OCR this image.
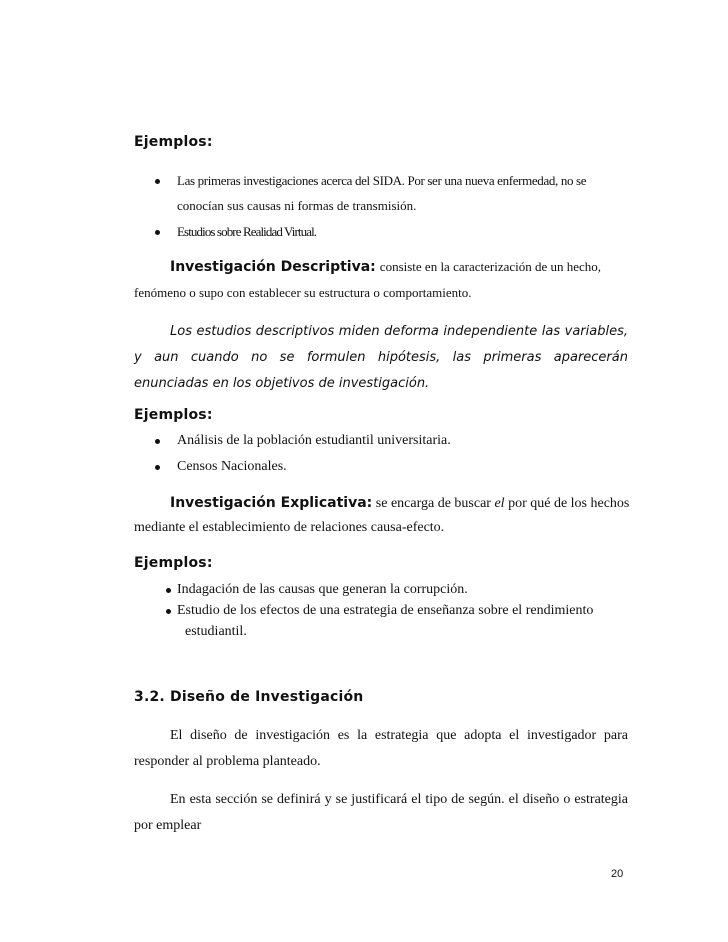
Ejemplos:
Las primeras investigaciones acerca del SIDA. Por ser una nueva enfermedad, no se
conocían sus causas ni formas de transmisión.
Estudios sobre Realidad Virtual.
Investigación Descriptiva: consiste en la caracterización de un hecho,
fenómeno o supo con establecer su estructura o comportamiento.
Los estudios descriptivos miden deforma independiente las variables, y aun cuando no se formulen hipótesis, las primeras aparecerán enunciadas en los objetivos de investigación.
Ejemplos:
Análisis de la población estudiantil universitaria.
Censos Nacionales.
Investigación Explicativa: se encarga de buscar el por qué de los hechos
mediante el establecimiento de relaciones causa-efecto.
Ejemplos:
Indagación de las causas que generan la corrupción.
Estudio de los efectos de una estrategia de enseñanza sobre el rendimiento
estudiantil.
3.2. Diseño de Investigación
El diseño de investigación es la estrategia que adopta el investigador para responder al problema planteado.
En esta sección se definirá y se justificará el tipo de según. el diseño o estrategia por emplear
20
